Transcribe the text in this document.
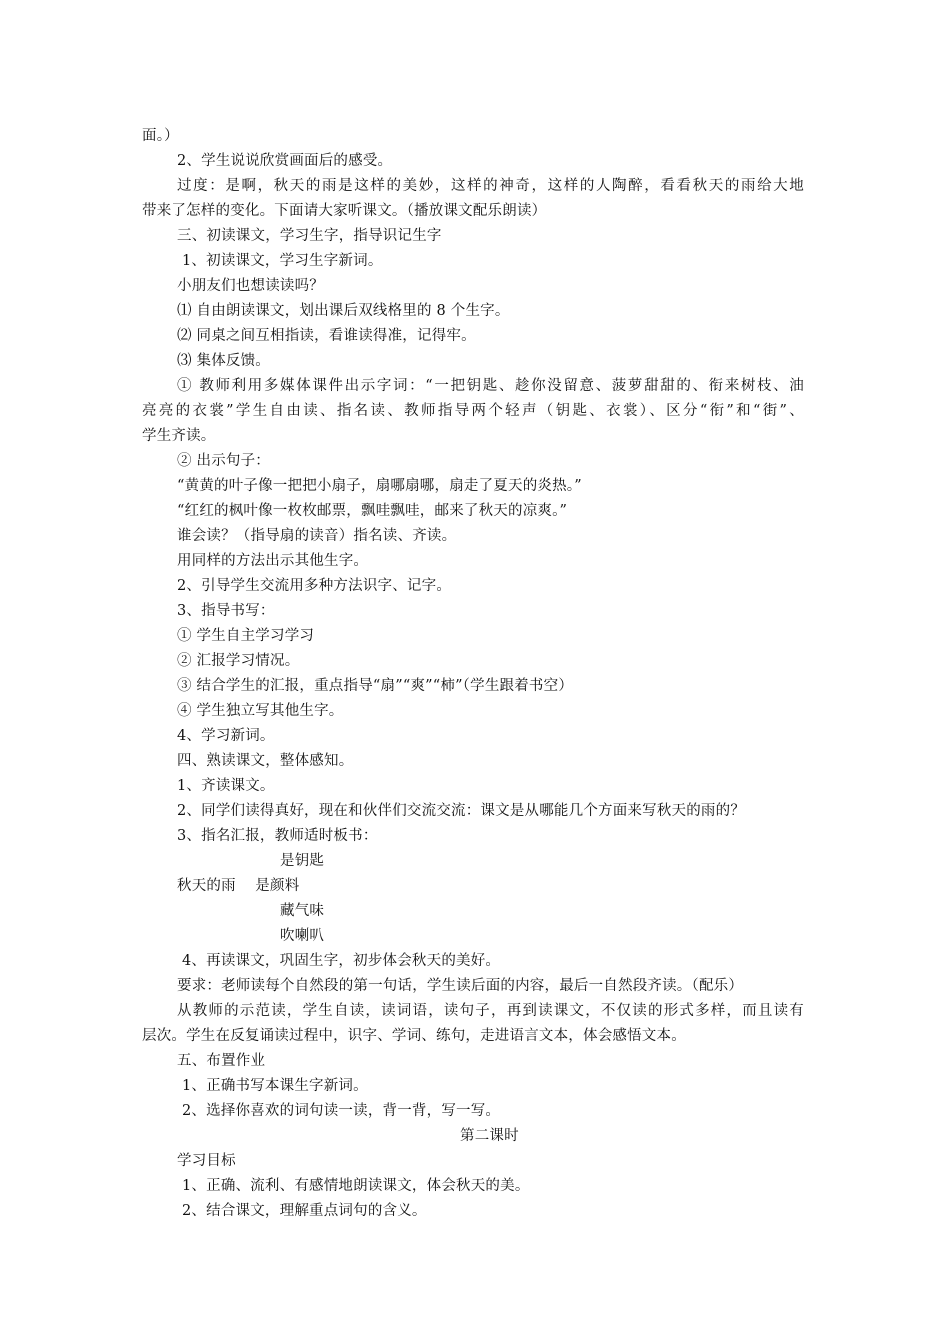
面。）
2、学生说说欣赏画面后的感受。
过度：是啊，秋天的雨是这样的美妙，这样的神奇，这样的人陶醉，看看秋天的雨给大地
带来了怎样的变化。下面请大家听课文。（播放课文配乐朗读）
三、初读课文，学习生字，指导识记生字
1、初读课文，学习生字新词。
小朋友们也想读读吗？
⑴ 自由朗读课文，划出课后双线格里的 8 个生字。
⑵ 同桌之间互相指读，看谁读得准，记得牢。
⑶ 集体反馈。
① 教师利用多媒体课件出示字词：“一把钥匙、趁你没留意、菠萝甜甜的、衔来树枝、油
亮亮的衣裳”学生自由读、指名读、教师指导两个轻声（钥匙、衣裳）、区分“衔”和“街”、
学生齐读。
② 出示句子：
“黄黄的叶子像一把把小扇子，扇哪扇哪，扇走了夏天的炎热。”
“红红的枫叶像一枚枚邮票，飘哇飘哇，邮来了秋天的凉爽。”
谁会读？（指导扇的读音）指名读、齐读。
用同样的方法出示其他生字。
2、引导学生交流用多种方法识字、记字。
3、指导书写：
① 学生自主学习学习
② 汇报学习情况。
③ 结合学生的汇报，重点指导“扇”“爽”“柿”（学生跟着书空）
④ 学生独立写其他生字。
4、学习新词。
四、熟读课文，整体感知。
1、齐读课文。
2、同学们读得真好，现在和伙伴们交流交流：课文是从哪能几个方面来写秋天的雨的？
3、指名汇报，教师适时板书：
是钥匙
秋天的雨　 是颜料
藏气味
吹喇叭
4、再读课文，巩固生字，初步体会秋天的美好。
要求：老师读每个自然段的第一句话，学生读后面的内容，最后一自然段齐读。（配乐）
从教师的示范读，学生自读，读词语，读句子，再到读课文，不仅读的形式多样，而且读有
层次。学生在反复诵读过程中，识字、学词、练句，走进语言文本，体会感悟文本。
五、布置作业
1、正确书写本课生字新词。
2、选择你喜欢的词句读一读，背一背，写一写。
第二课时
学习目标
1、正确、流利、有感情地朗读课文，体会秋天的美。
2、结合课文，理解重点词句的含义。
